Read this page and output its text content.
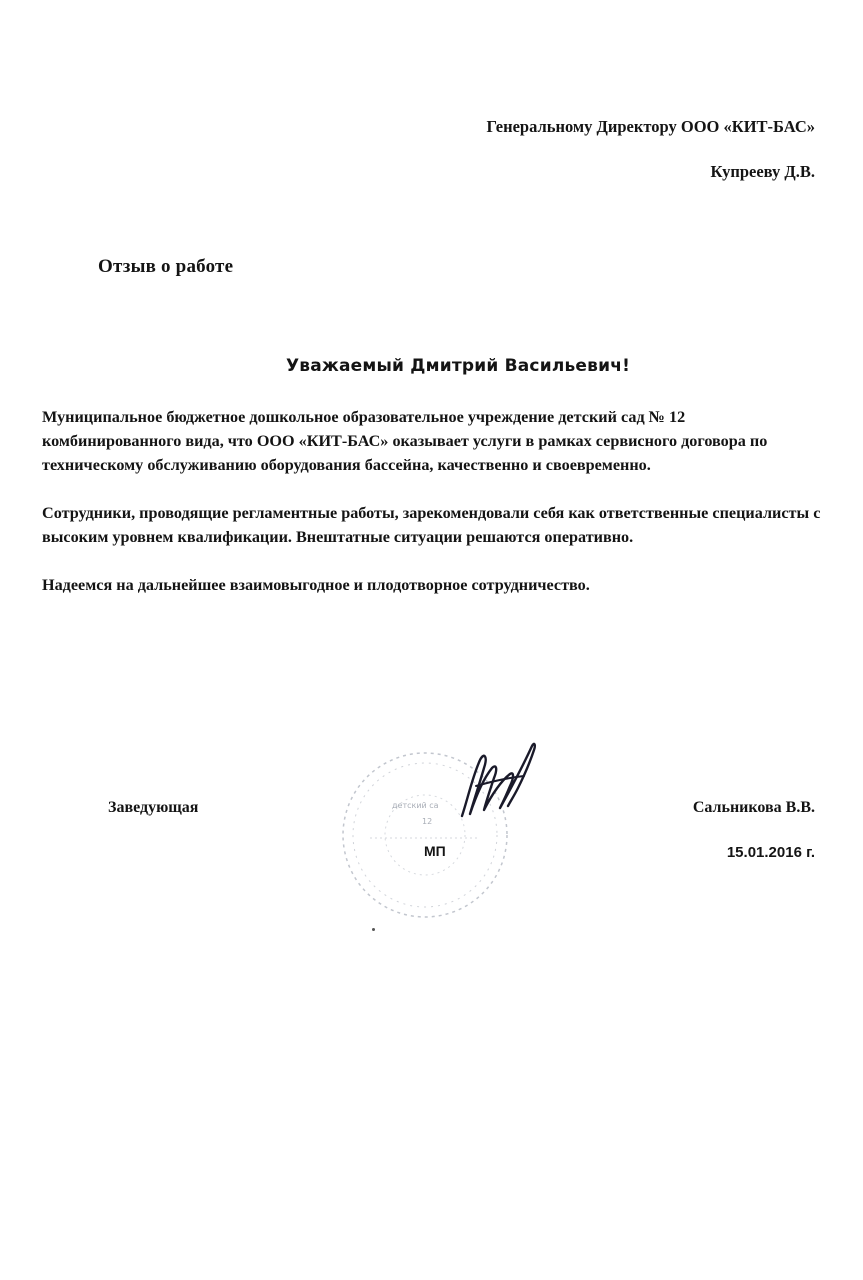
Генеральному Директору ООО «КИТ-БАС»
Купрееву Д.В.
Отзыв о работе
Уважаемый Дмитрий Васильевич!

Муниципальное бюджетное дошкольное образовательное учреждение детский сад № 12 комбинированного вида, что ООО «КИТ-БАС» оказывает услуги в рамках сервисного договора по техническому обслуживанию оборудования бассейна, качественно и своевременно.

Сотрудники, проводящие регламентные работы, зарекомендовали себя как ответственные специалисты с высоким уровнем квалификации. Внештатные ситуации решаются оперативно.

Надеемся на дальнейшее взаимовыгодное и плодотворное сотрудничество.

детский са
12
Заведующая
МП
Сальникова В.В.
15.01.2016 г.
